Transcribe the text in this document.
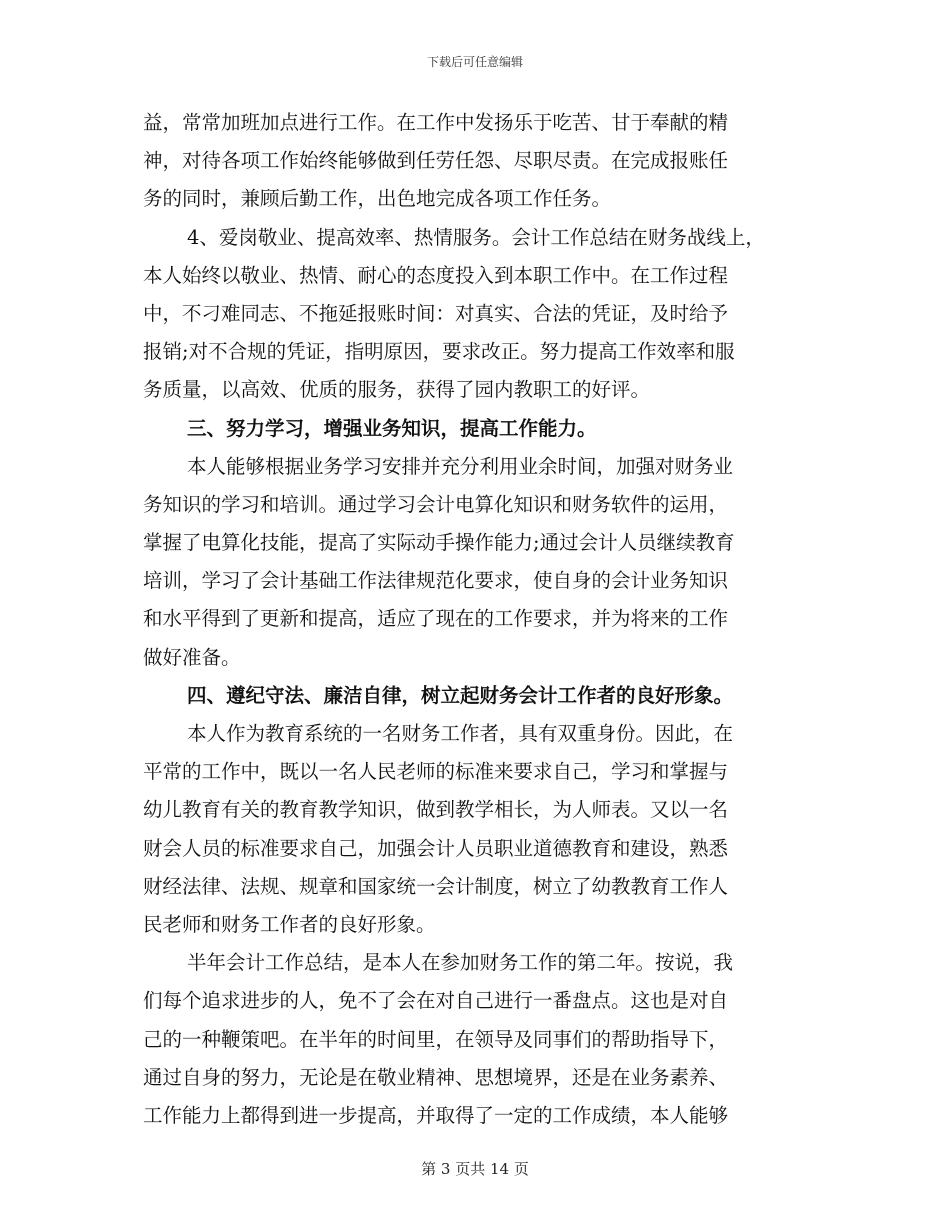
下载后可任意编辑
益，常常加班加点进行工作。在工作中发扬乐于吃苦、甘于奉献的精
神，对待各项工作始终能够做到任劳任怨、尽职尽责。在完成报账任
务的同时，兼顾后勤工作，出色地完成各项工作任务。
4、爱岗敬业、提高效率、热情服务。会计工作总结在财务战线上，
本人始终以敬业、热情、耐心的态度投入到本职工作中。在工作过程
中，不刁难同志、不拖延报账时间：对真实、合法的凭证，及时给予
报销;对不合规的凭证，指明原因，要求改正。努力提高工作效率和服
务质量，以高效、优质的服务，获得了园内教职工的好评。
三、努力学习，增强业务知识，提高工作能力。
本人能够根据业务学习安排并充分利用业余时间，加强对财务业
务知识的学习和培训。通过学习会计电算化知识和财务软件的运用，
掌握了电算化技能，提高了实际动手操作能力;通过会计人员继续教育
培训，学习了会计基础工作法律规范化要求，使自身的会计业务知识
和水平得到了更新和提高，适应了现在的工作要求，并为将来的工作
做好准备。
四、遵纪守法、廉洁自律，树立起财务会计工作者的良好形象。
本人作为教育系统的一名财务工作者，具有双重身份。因此，在
平常的工作中，既以一名人民老师的标准来要求自己，学习和掌握与
幼儿教育有关的教育教学知识，做到教学相长，为人师表。又以一名
财会人员的标准要求自己，加强会计人员职业道德教育和建设，熟悉
财经法律、法规、规章和国家统一会计制度，树立了幼教教育工作人
民老师和财务工作者的良好形象。
半年会计工作总结，是本人在参加财务工作的第二年。按说，我
们每个追求进步的人，免不了会在对自己进行一番盘点。这也是对自
己的一种鞭策吧。在半年的时间里，在领导及同事们的帮助指导下，
通过自身的努力，无论是在敬业精神、思想境界，还是在业务素养、
工作能力上都得到进一步提高，并取得了一定的工作成绩，本人能够
第 3 页共 14 页
